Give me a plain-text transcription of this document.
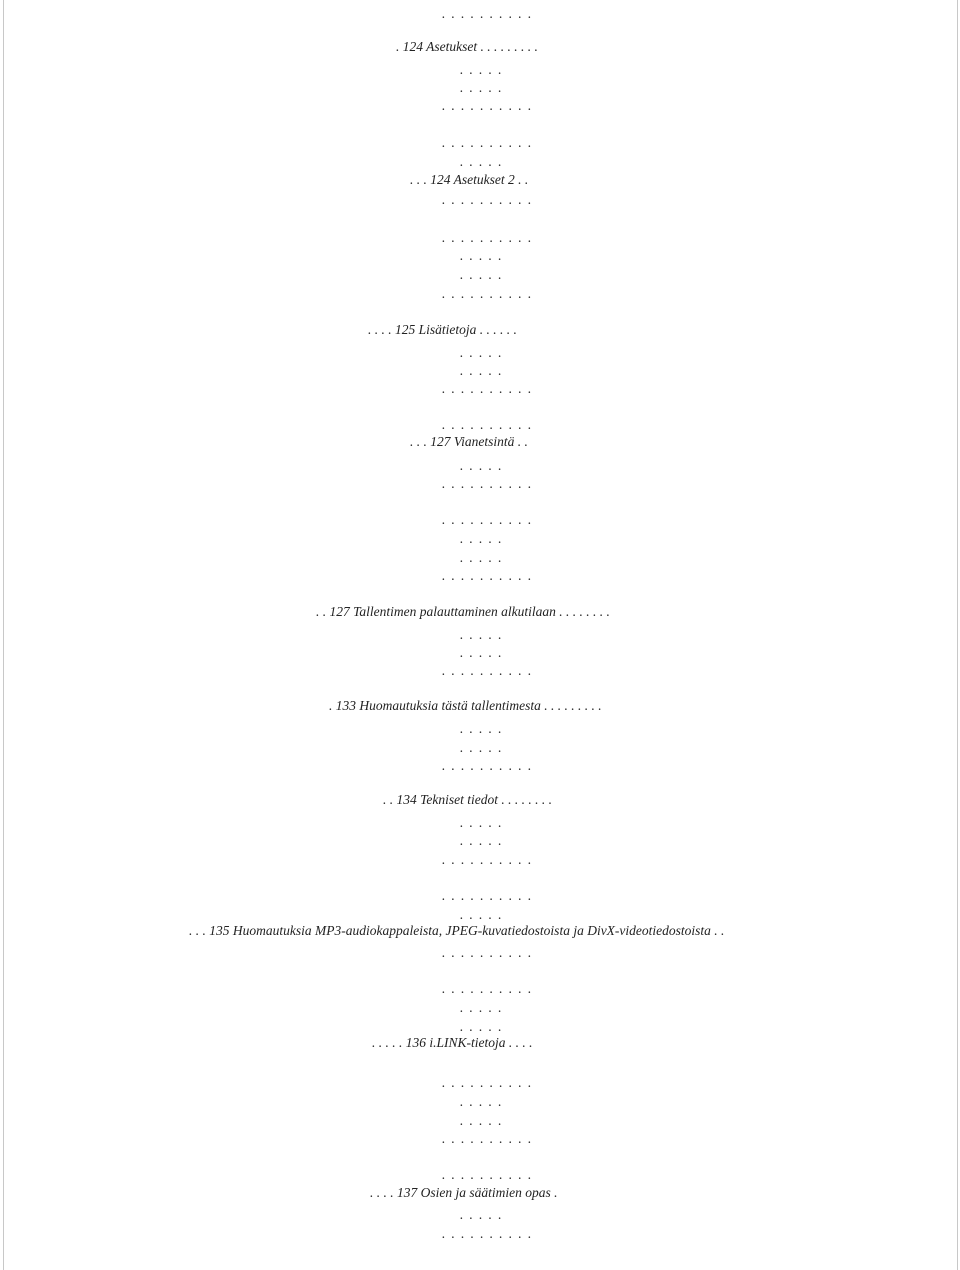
. . . . . . . . . .
. 124 Asetukset . . . . . . . . .
. . . . .
. . . . .
. . . . . . . . . .
. . . . . . . . . .
. . . . .
. . . 124 Asetukset 2 . .
. . . . . . . . . .
. . . . . . . . . .
. . . . .
. . . . .
. . . . . . . . . .
. . . . 125 Lisätietoja . . . . . .
. . . . .
. . . . .
. . . . . . . . . .
. . . . . . . . . .
. . . 127 Vianetsintä . .
. . . . .
. . . . . . . . . .
. . . . . . . . . .
. . . . .
. . . . .
. . . . . . . . . .
. . 127 Tallentimen palauttaminen alkutilaan . . . . . . . .
. . . . .
. . . . .
. . . . . . . . . .
. 133 Huomautuksia tästä tallentimesta . . . . . . . . .
. . . . .
. . . . .
. . . . . . . . . .
. . 134 Tekniset tiedot . . . . . . . .
. . . . .
. . . . .
. . . . . . . . . .
. . . . . . . . . .
. . . . .
. . . 135 Huomautuksia MP3-audiokappaleista, JPEG-kuvatiedostoista ja DivX-videotiedostoista . .
. . . . . . . . . .
. . . . . . . . . .
. . . . .
. . . . .
. . . . . 136 i.LINK-tietoja . . . .
. . . . . . . . . .
. . . . .
. . . . .
. . . . . . . . . .
. . . . . . . . . .
. . . . 137 Osien ja säätimien opas .
. . . . .
. . . . . . . . . .
